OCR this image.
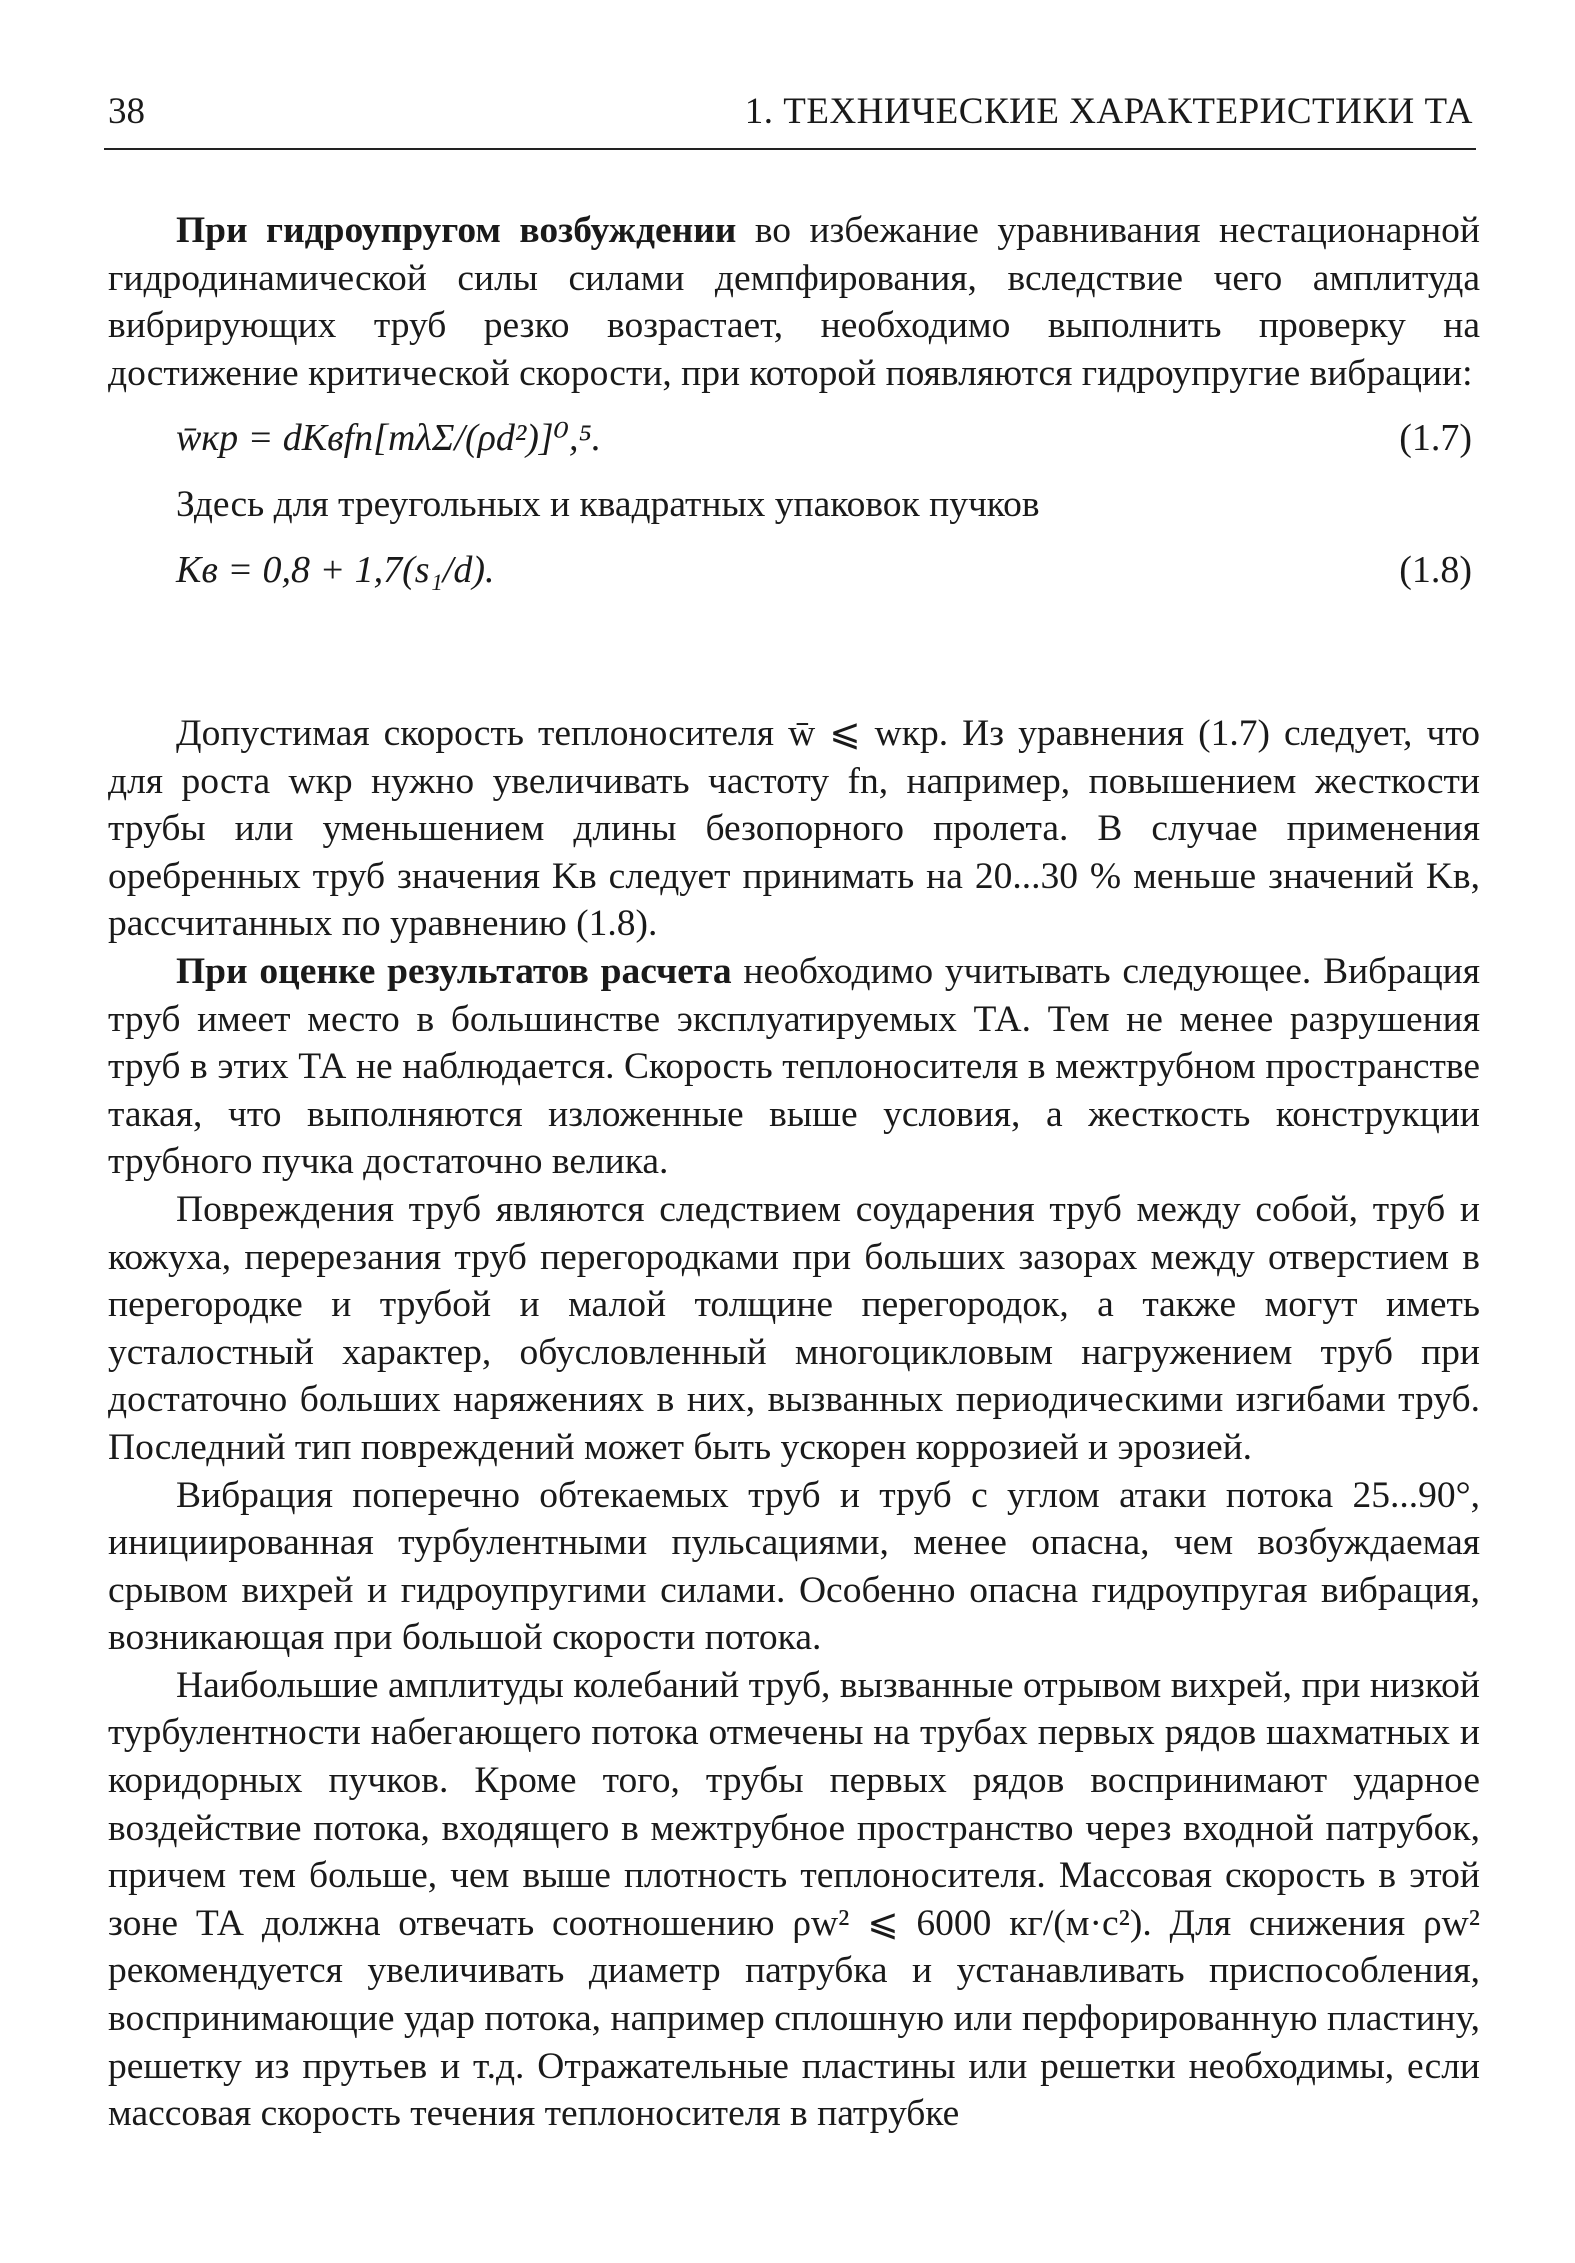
38	1. ТЕХНИЧЕСКИЕ ХАРАКТЕРИСТИКИ ТА

При гидроупругом возбуждении во избежание уравнивания нестационарной гидродинамической силы силами демпфирования, вследствие чего амплитуда вибрирующих труб резко возрастает, необходимо выполнить проверку на достижение критической скорости, при которой появляются гидроупругие вибрации:

w̄кр = dKвfn[mλΣ/(ρd²)]⁰,⁵.	(1.7)

Здесь для треугольных и квадратных упаковок пучков

Kв = 0,8 + 1,7(s₁/d).	(1.8)

Допустимая скорость теплоносителя w̄ ⩽ wкр. Из уравнения (1.7) следует, что для роста wкр нужно увеличивать частоту fn, например, повышением жесткости трубы или уменьшением длины безопорного пролета. В случае применения оребренных труб значения Kв следует принимать на 20...30 % меньше значений Kв, рассчитанных по уравнению (1.8).

При оценке результатов расчета необходимо учитывать следующее. Вибрация труб имеет место в большинстве эксплуатируемых ТА. Тем не менее разрушения труб в этих ТА не наблюдается. Скорость теплоносителя в межтрубном пространстве такая, что выполняются изложенные выше условия, а жесткость конструкции трубного пучка достаточно велика.

Повреждения труб являются следствием соударения труб между собой, труб и кожуха, перерезания труб перегородками при больших зазорах между отверстием в перегородке и трубой и малой толщине перегородок, а также могут иметь усталостный характер, обусловленный многоцикловым нагружением труб при достаточно больших наряжениях в них, вызванных периодическими изгибами труб. Последний тип повреждений может быть ускорен коррозией и эрозией.

Вибрация поперечно обтекаемых труб и труб с углом атаки потока 25...90°, инициированная турбулентными пульсациями, менее опасна, чем возбуждаемая срывом вихрей и гидроупругими силами. Особенно опасна гидроупругая вибрация, возникающая при большой скорости потока.

Наибольшие амплитуды колебаний труб, вызванные отрывом вихрей, при низкой турбулентности набегающего потока отмечены на трубах первых рядов шахматных и коридорных пучков. Кроме того, трубы первых рядов воспринимают ударное воздействие потока, входящего в межтрубное пространство через входной патрубок, причем тем больше, чем выше плотность теплоносителя. Массовая скорость в этой зоне ТА должна отвечать соотношению ρw² ⩽ 6000 кг/(м·с²). Для снижения ρw² рекомендуется увеличивать диаметр патрубка и устанавливать приспособления, воспринимающие удар потока, например сплошную или перфорированную пластину, решетку из прутьев и т.д. Отражательные пластины или решетки необходимы, если массовая скорость течения теплоносителя в патрубке
